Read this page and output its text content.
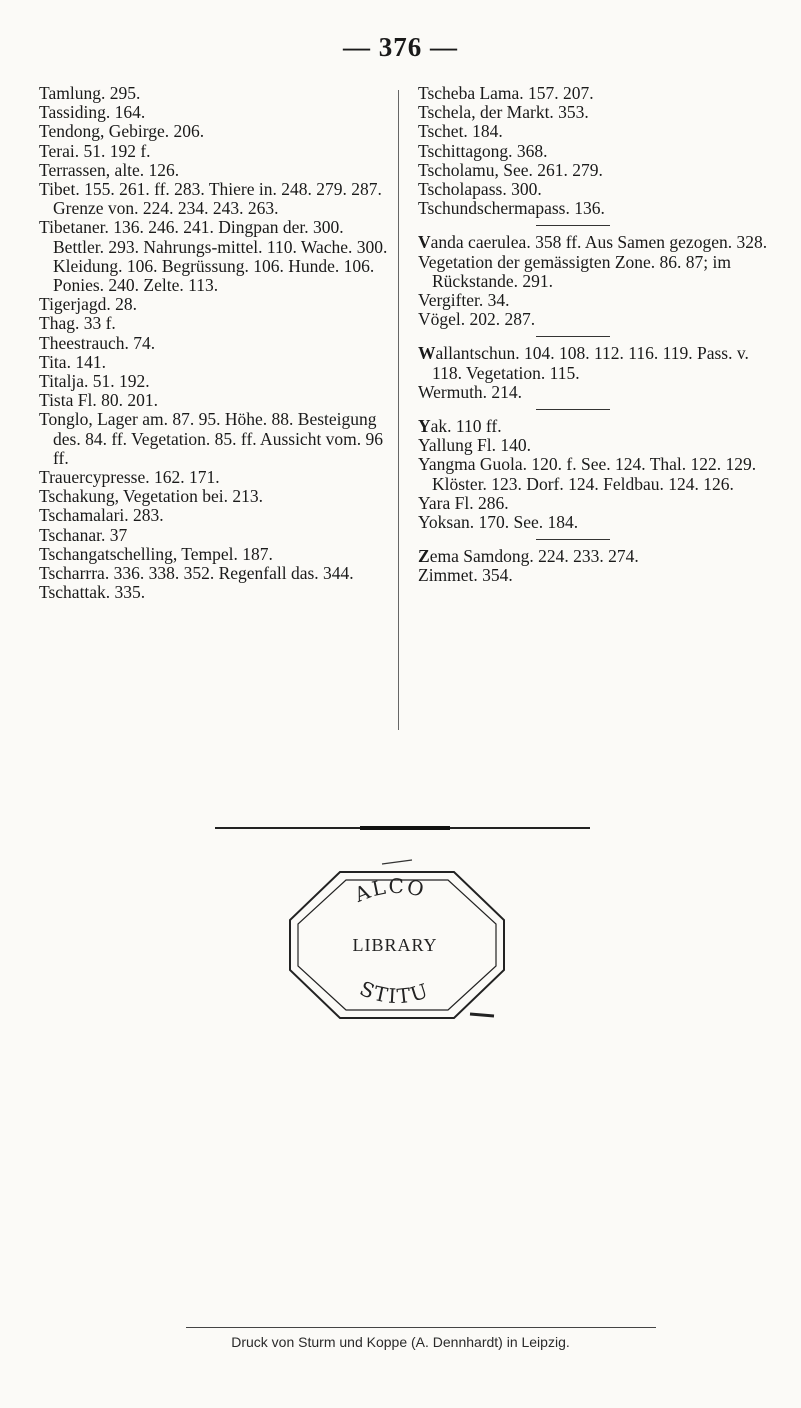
— 376 —

Tamlung. 295.

Tassiding. 164.

Tendong, Gebirge. 206.

Terai. 51. 192 f.

Terrassen, alte. 126.

Tibet. 155. 261. ff. 283. Thiere in. 248. 279. 287. Grenze von. 224. 234. 243. 263.

Tibetaner. 136. 246. 241. Dingpan der. 300. Bettler. 293. Nahrungs-mittel. 110. Wache. 300. Kleidung. 106. Begrüssung. 106. Hunde. 106. Ponies. 240. Zelte. 113.

Tigerjagd. 28.

Thag. 33 f.

Theestrauch. 74.

Tita. 141.

Titalja. 51. 192.

Tista Fl. 80. 201.

Tonglo, Lager am. 87. 95. Höhe. 88. Besteigung des. 84. ff. Vegetation. 85. ff. Aussicht vom. 96 ff.

Trauercypresse. 162. 171.

Tschakung, Vegetation bei. 213.

Tschamalari. 283.

Tschanar. 37

Tschangatschelling, Tempel. 187.

Tscharrra. 336. 338. 352. Regenfall das. 344.

Tschattak. 335.

Tscheba Lama. 157. 207.

Tschela, der Markt. 353.

Tschet. 184.

Tschittagong. 368.

Tscholamu, See. 261. 279.

Tscholapass. 300.

Tschundschermapass. 136.

Vanda caerulea. 358 ff. Aus Samen gezogen. 328.

Vegetation der gemässigten Zone. 86. 87; im Rückstande. 291.

Vergifter. 34.

Vögel. 202. 287.

Wallantschun. 104. 108. 112. 116. 119. Pass. v. 118. Vegetation. 115.

Wermuth. 214.

Yak. 110 ff.

Yallung Fl. 140.

Yangma Guola. 120. f. See. 124. Thal. 122. 129. Klöster. 123. Dorf. 124. Feldbau. 124. 126.

Yara Fl. 286.

Yoksan. 170. See. 184.

Zema Samdong. 224. 233. 274.

Zimmet. 354.

ALCO
STITU
LIBRARY
Druck von Sturm und Koppe (A. Dennhardt) in Leipzig.
